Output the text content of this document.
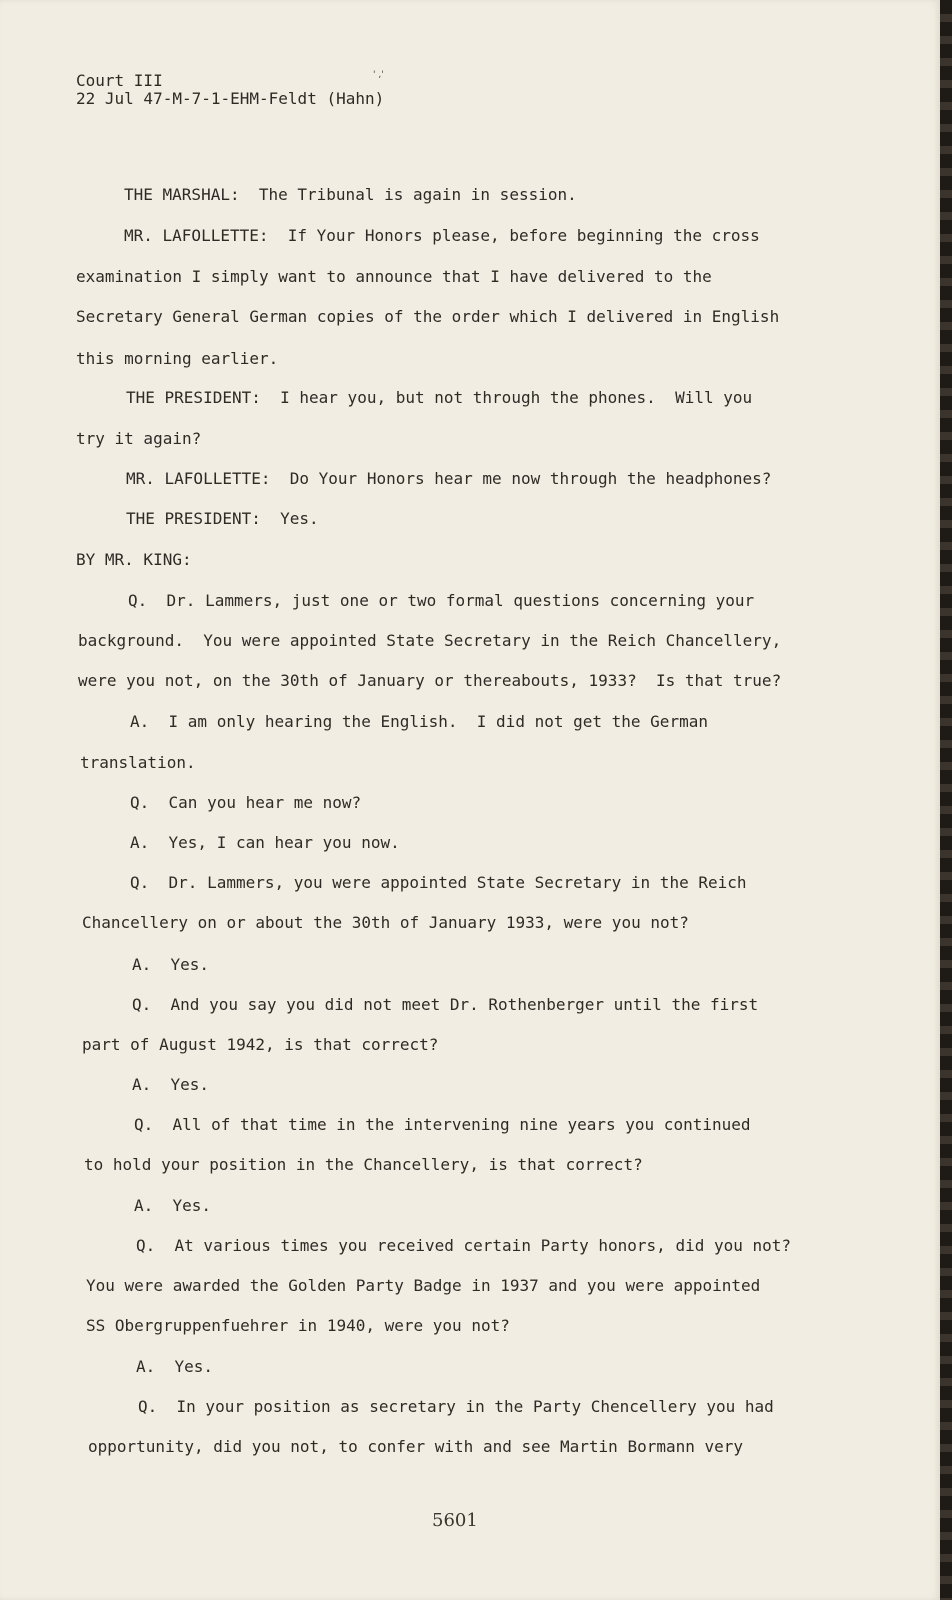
Court III
22 Jul 47-M-7-1-EHM-Feldt (Hahn)
' ,'
THE MARSHAL:  The Tribunal is again in session.
MR. LAFOLLETTE:  If Your Honors please, before beginning the cross
examination I simply want to announce that I have delivered to the
Secretary General German copies of the order which I delivered in English
this morning earlier.
THE PRESIDENT:  I hear you, but not through the phones.  Will you
try it again?
MR. LAFOLLETTE:  Do Your Honors hear me now through the headphones?
THE PRESIDENT:  Yes.
BY MR. KING:
Q.  Dr. Lammers, just one or two formal questions concerning your
background.  You were appointed State Secretary in the Reich Chancellery,
were you not, on the 30th of January or thereabouts, 1933?  Is that true?
A.  I am only hearing the English.  I did not get the German
translation.
Q.  Can you hear me now?
A.  Yes, I can hear you now.
Q.  Dr. Lammers, you were appointed State Secretary in the Reich
Chancellery on or about the 30th of January 1933, were you not?
A.  Yes.
Q.  And you say you did not meet Dr. Rothenberger until the first
part of August 1942, is that correct?
A.  Yes.
Q.  All of that time in the intervening nine years you continued
to hold your position in the Chancellery, is that correct?
A.  Yes.
Q.  At various times you received certain Party honors, did you not?
You were awarded the Golden Party Badge in 1937 and you were appointed
SS Obergruppenfuehrer in 1940, were you not?
A.  Yes.
Q.  In your position as secretary in the Party Chencellery you had
opportunity, did you not, to confer with and see Martin Bormann very
5601
